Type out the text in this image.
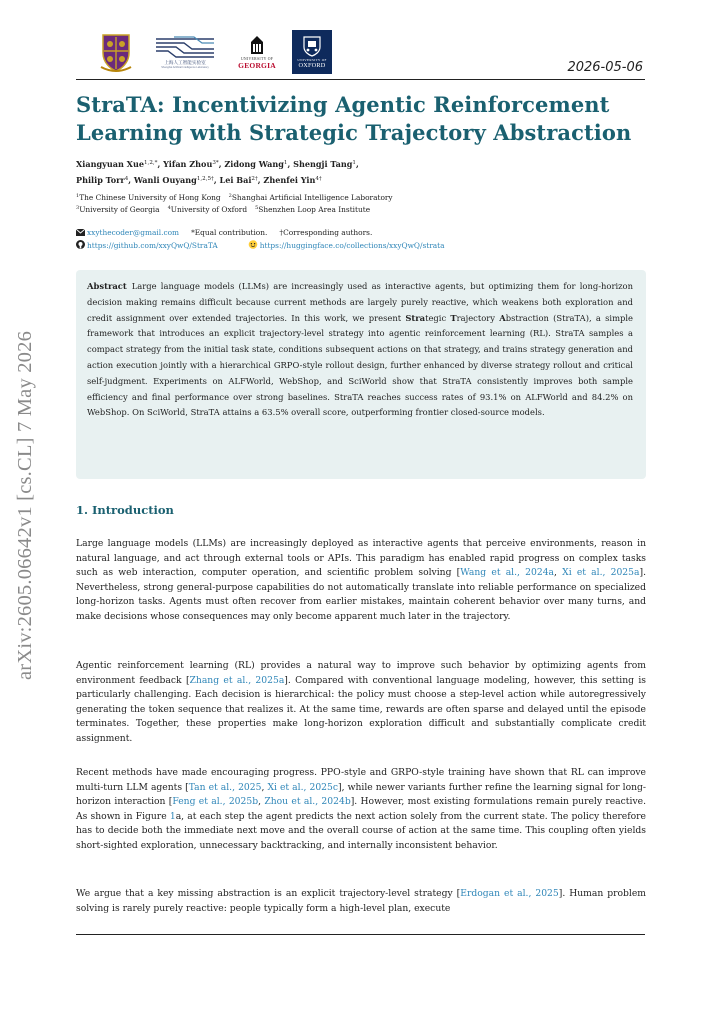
arXiv:2605.06642v1 [cs.CL] 7 May 2026
上海人工智能实验室
Shanghai Artificial Intelligence Laboratory
UNIVERSITY OF
GEORGIA
UNIVERSITY OF
OXFORD	2026-05-06
StraTA: Incentivizing Agentic Reinforcement Learning with Strategic Trajectory Abstraction
Xiangyuan Xue$^{1,2,*}$, Yifan Zhou$^{3*}$, Zidong Wang$^1$, Shengji Tang$^1$,
Philip Torr$^4$, Wanli Ouyang$^{1,2,5\dagger}$, Lei Bai$^{2\dagger}$, Zhenfei Yin$^{4\dagger}$
$^1$The Chinese University of Hong Kong $^2$Shanghai Artificial Intelligence Laboratory
$^3$University of Georgia $^4$University of Oxford $^5$Shenzhen Loop Area Institute
xxythecoder@gmail.com *Equal contribution. †Corresponding authors.
https://github.com/xxyQwQ/StraTA	https://huggingface.co/collections/xxyQwQ/strata
Abstract Large language models (LLMs) are increasingly used as interactive agents, but optimizing them for long-horizon decision making remains difficult because current methods are largely purely reactive, which weakens both exploration and credit assignment over extended trajectories. In this work, we present Strategic Trajectory Abstraction (StraTA), a simple framework that introduces an explicit trajectory-level strategy into agentic reinforcement learning (RL). StraTA samples a compact strategy from the initial task state, conditions subsequent actions on that strategy, and trains strategy generation and action execution jointly with a hierarchical GRPO-style rollout design, further enhanced by diverse strategy rollout and critical self-judgment. Experiments on ALFWorld, WebShop, and SciWorld show that StraTA consistently improves both sample efficiency and final performance over strong baselines. StraTA reaches success rates of 93.1% on ALFWorld and 84.2% on WebShop. On SciWorld, StraTA attains a 63.5% overall score, outperforming frontier closed-source models.
1. Introduction

Large language models (LLMs) are increasingly deployed as interactive agents that perceive environments, reason in natural language, and act through external tools or APIs. This paradigm has enabled rapid progress on complex tasks such as web interaction, computer operation, and scientific problem solving [Wang et al., 2024a, Xi et al., 2025a]. Nevertheless, strong general-purpose capabilities do not automatically translate into reliable performance on specialized long-horizon tasks. Agents must often recover from earlier mistakes, maintain coherent behavior over many turns, and make decisions whose consequences may only become apparent much later in the trajectory.

Agentic reinforcement learning (RL) provides a natural way to improve such behavior by optimizing agents from environment feedback [Zhang et al., 2025a]. Compared with conventional language modeling, however, this setting is particularly challenging. Each decision is hierarchical: the policy must choose a step-level action while autoregressively generating the token sequence that realizes it. At the same time, rewards are often sparse and delayed until the episode terminates. Together, these properties make long-horizon exploration difficult and substantially complicate credit assignment.

Recent methods have made encouraging progress. PPO-style and GRPO-style training have shown that RL can improve multi-turn LLM agents [Tan et al., 2025, Xi et al., 2025c], while newer variants further refine the learning signal for long-horizon interaction [Feng et al., 2025b, Zhou et al., 2024b]. However, most existing formulations remain purely reactive. As shown in Figure 1a, at each step the agent predicts the next action solely from the current state. The policy therefore has to decide both the immediate next move and the overall course of action at the same time. This coupling often yields short-sighted exploration, unnecessary backtracking, and internally inconsistent behavior.

We argue that a key missing abstraction is an explicit trajectory-level strategy [Erdogan et al., 2025]. Human problem solving is rarely purely reactive: people typically form a high-level plan, execute
